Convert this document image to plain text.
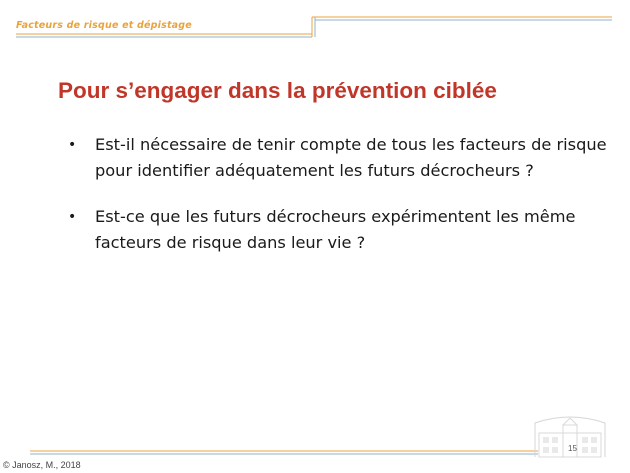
Facteurs de risque et dépistage
Pour s’engager dans la prévention ciblée
• Est-il nécessaire de tenir compte de tous les facteurs de risque pour identifier adéquatement les futurs décrocheurs ?
• Est-ce que les futurs décrocheurs expérimentent les même facteurs de risque dans leur vie ?
15
© Janosz, M., 2018
